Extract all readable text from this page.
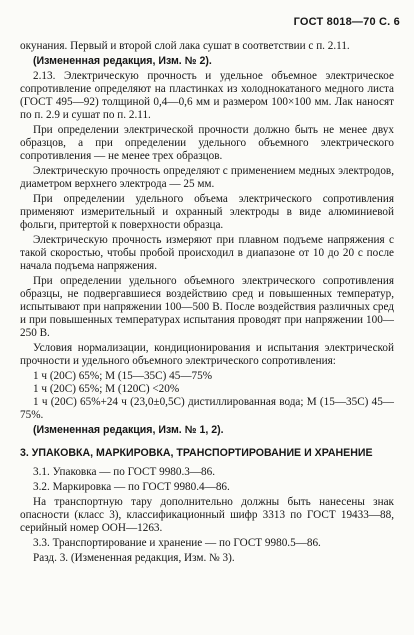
ГОСТ 8018—70 С. 6

окунания. Первый и второй слой лака сушат в соответствии с п. 2.11.

(Измененная редакция, Изм. № 2).

2.13. Электрическую прочность и удельное объемное электрическое сопротивление определяют на пластинках из холоднокатаного медного листа (ГОСТ 495—92) толщиной 0,4—0,6 мм и размером 100×100 мм. Лак наносят по п. 2.9 и сушат по п. 2.11.

При определении электрической прочности должно быть не менее двух образцов, а при определении удельного объемного электрического сопротивления — не менее трех образцов.

Электрическую прочность определяют с применением медных электродов, диаметром верхнего электрода — 25 мм.

При определении удельного объема электрического сопротивления применяют измерительный и охранный электроды в виде алюминиевой фольги, притертой к поверхности образца.

Электрическую прочность измеряют при плавном подъеме напряжения с такой скоростью, чтобы пробой происходил в диапазоне от 10 до 20 с после начала подъема напряжения.

При определении удельного объемного электрического сопротивления образцы, не подвергавшиеся воздействию сред и повышенных температур, испытывают при напряжении 100—500 В. После воздействия различных сред и при повышенных температурах испытания проводят при напряжении 100—250 В.

Условия нормализации, кондиционирования и испытания электрической прочности и удельного объемного электрического сопротивления:

1 ч (20С) 65%; М (15—35С) 45—75%

1 ч (20С) 65%; М (120С) <20%

1 ч (20С) 65%+24 ч (23,0±0,5С) дистиллированная вода; М (15—35С) 45—75%.

(Измененная редакция, Изм. № 1, 2).

3. УПАКОВКА, МАРКИРОВКА, ТРАНСПОРТИРОВАНИЕ И ХРАНЕНИЕ

3.1. Упаковка — по ГОСТ 9980.3—86.

3.2. Маркировка — по ГОСТ 9980.4—86.

На транспортную тару дополнительно должны быть нанесены знак опасности (класс 3), классификационный шифр 3313 по ГОСТ 19433—88, серийный номер ООН—1263.

3.3. Транспортирование и хранение — по ГОСТ 9980.5—86.

Разд. 3. (Измененная редакция, Изм. № 3).
